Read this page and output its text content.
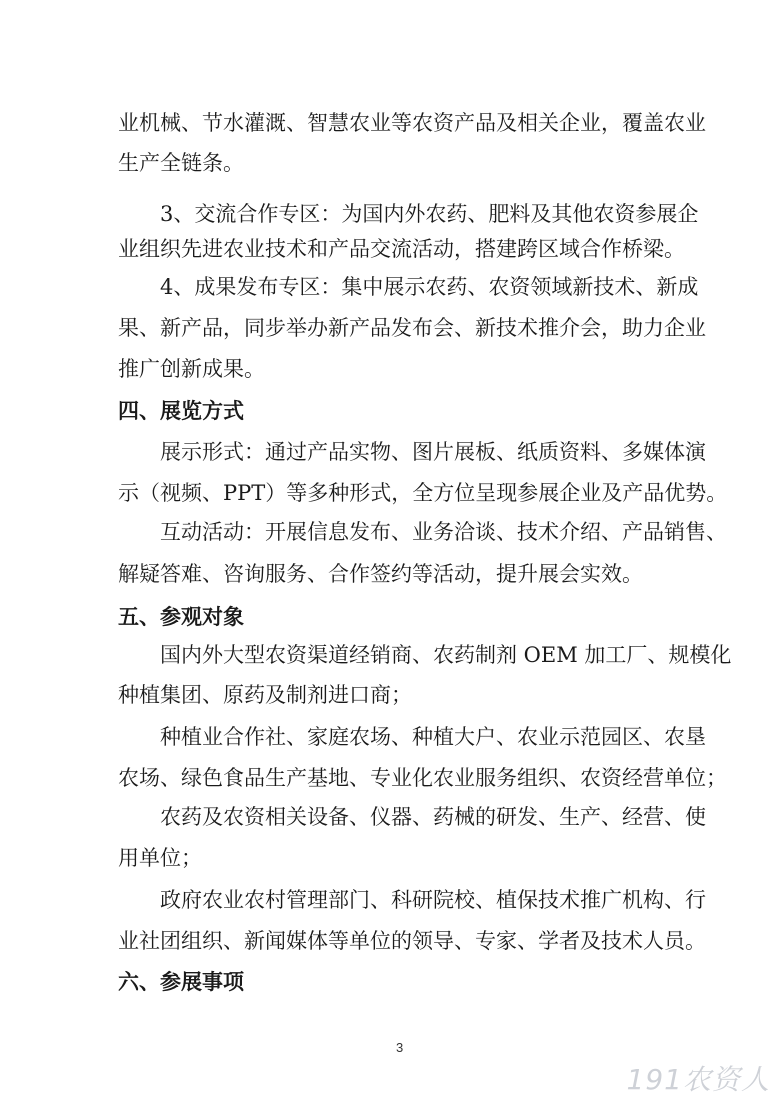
业机械、节水灌溉、智慧农业等农资产品及相关企业，覆盖农业
生产全链条。
3、交流合作专区：为国内外农药、肥料及其他农资参展企
业组织先进农业技术和产品交流活动，搭建跨区域合作桥梁。
4、成果发布专区：集中展示农药、农资领域新技术、新成
果、新产品，同步举办新产品发布会、新技术推介会，助力企业
推广创新成果。
四、展览方式
展示形式：通过产品实物、图片展板、纸质资料、多媒体演
示（视频、PPT）等多种形式，全方位呈现参展企业及产品优势。
互动活动：开展信息发布、业务洽谈、技术介绍、产品销售、
解疑答难、咨询服务、合作签约等活动，提升展会实效。
五、参观对象
国内外大型农资渠道经销商、农药制剂 OEM 加工厂、规模化
种植集团、原药及制剂进口商；
种植业合作社、家庭农场、种植大户、农业示范园区、农垦
农场、绿色食品生产基地、专业化农业服务组织、农资经营单位；
农药及农资相关设备、仪器、药械的研发、生产、经营、使
用单位；
政府农业农村管理部门、科研院校、植保技术推广机构、行
业社团组织、新闻媒体等单位的领导、专家、学者及技术人员。
六、参展事项
3
191农资人
